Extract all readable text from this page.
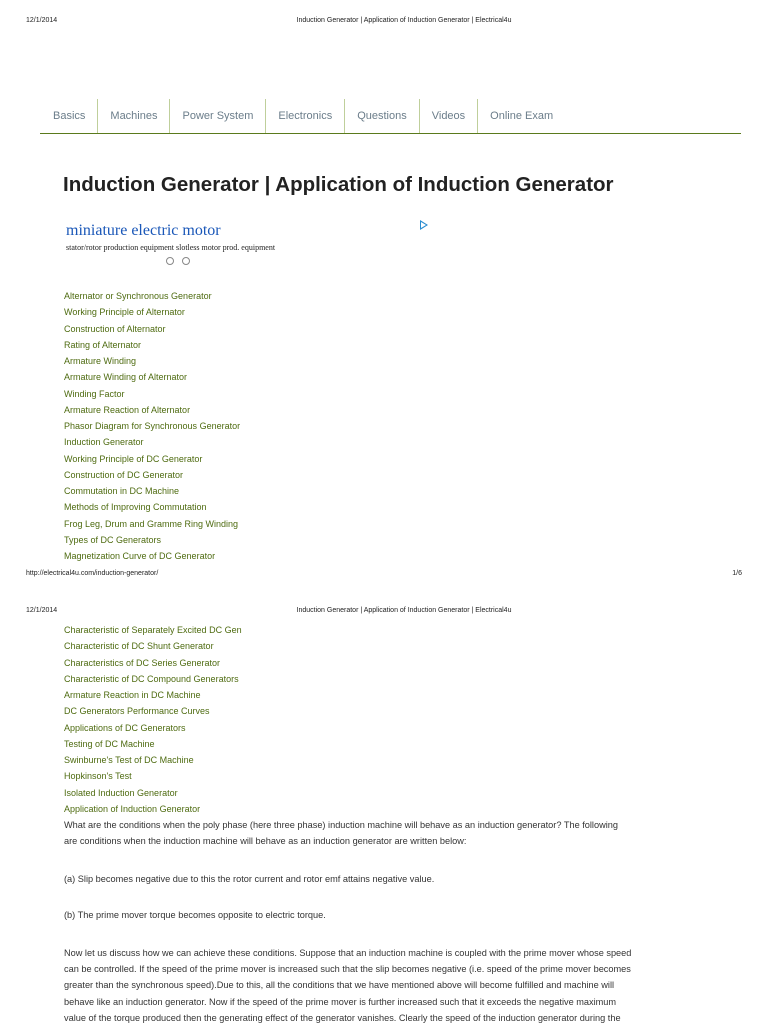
12/1/2014	Induction Generator | Application of Induction Generator | Electrical4u
Basics	Machines	Power System	Electronics	Questions	Videos	Online Exam
Induction Generator | Application of Induction Generator
miniature electric motor
stator/rotor production equipment slotless motor prod. equipment
Alternator or Synchronous Generator
Working Principle of Alternator
Construction of Alternator
Rating of Alternator
Armature Winding
Armature Winding of Alternator
Winding Factor
Armature Reaction of Alternator
Phasor Diagram for Synchronous Generator
Induction Generator
Working Principle of DC Generator
Construction of DC Generator
Commutation in DC Machine
Methods of Improving Commutation
Frog Leg, Drum and Gramme Ring Winding
Types of DC Generators
Magnetization Curve of DC Generator
http://electrical4u.com/induction-generator/	1/6
12/1/2014	Induction Generator | Application of Induction Generator | Electrical4u
Characteristic of Separately Excited DC Gen
Characteristic of DC Shunt Generator
Characteristics of DC Series Generator
Characteristic of DC Compound Generators
Armature Reaction in DC Machine
DC Generators Performance Curves
Applications of DC Generators
Testing of DC Machine
Swinburne's Test of DC Machine
Hopkinson's Test
Isolated Induction Generator
Application of Induction Generator

What are the conditions when the poly phase (here three phase) induction machine will behave as an induction generator? The following
are conditions when the induction machine will behave as an induction generator are written below:

(a) Slip becomes negative due to this the rotor current and rotor emf attains negative value.

(b) The prime mover torque becomes opposite to electric torque.

Now let us discuss how we can achieve these conditions. Suppose that an induction machine is coupled with the prime mover whose speed
can be controlled. If the speed of the prime mover is increased such that the slip becomes negative (i.e. speed of the prime mover becomes
greater than the synchronous speed).Due to this, all the conditions that we have mentioned above will become fulfilled and machine will
behave like an induction generator. Now if the speed of the prime mover is further increased such that it exceeds the negative maximum
value of the torque produced then the generating effect of the generator vanishes. Clearly the speed of the induction generator during the
